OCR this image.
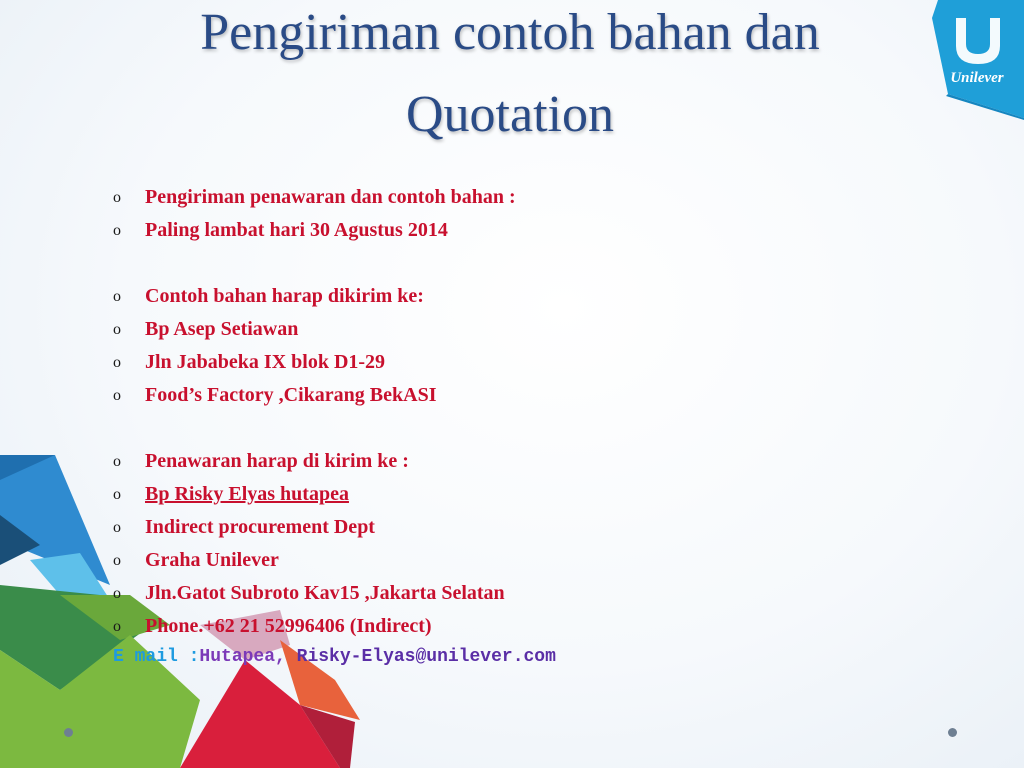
Unilever
Pengiriman contoh bahan dan
Quotation
o Pengiriman penawaran dan contoh bahan :
o Paling lambat hari 30 Agustus 2014
o Contoh bahan harap dikirim ke:
o Bp Asep Setiawan
o Jln Jababeka IX blok D1-29
o Food’s Factory ,Cikarang BekASI
o Penawaran harap di kirim ke :
o Bp Risky Elyas hutapea
o Indirect procurement Dept
o Graha Unilever
o Jln.Gatot Subroto Kav15 ,Jakarta Selatan
o Phone.+62 21 52996406 (Indirect)
E mail :Hutapea, Risky-Elyas@unilever.com
